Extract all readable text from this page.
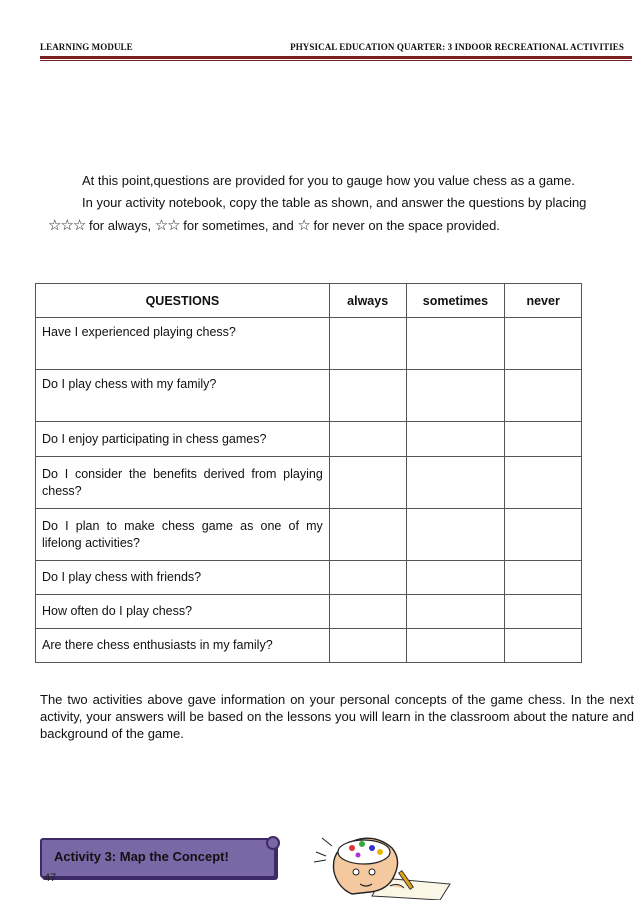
LEARNING MODULE	PHYSICAL EDUCATION QUARTER: 3 INDOOR RECREATIONAL ACTIVITIES

At this point,questions are provided for you to gauge how you value chess as a game.

In your activity notebook, copy the table as shown, and answer the questions by placing

☆☆☆ for always, ☆☆ for sometimes, and ☆ for never on the space provided.

QUESTIONS	always	sometimes	never
Have I experienced playing chess?			
Do I play chess with my family?			
Do I enjoy participating in chess games?			
Do I consider the benefits derived from playing chess?			
Do I plan to make chess game as one of my lifelong activities?			
Do I play chess with friends?			
How often do I play chess?			
Are there chess enthusiasts in my family?			

The two activities above gave information on your personal concepts of the game chess. In the next activity, your answers will be based on the lessons you will learn in the classroom about the nature and background of the game.

Activity 3: Map the Concept!
47
